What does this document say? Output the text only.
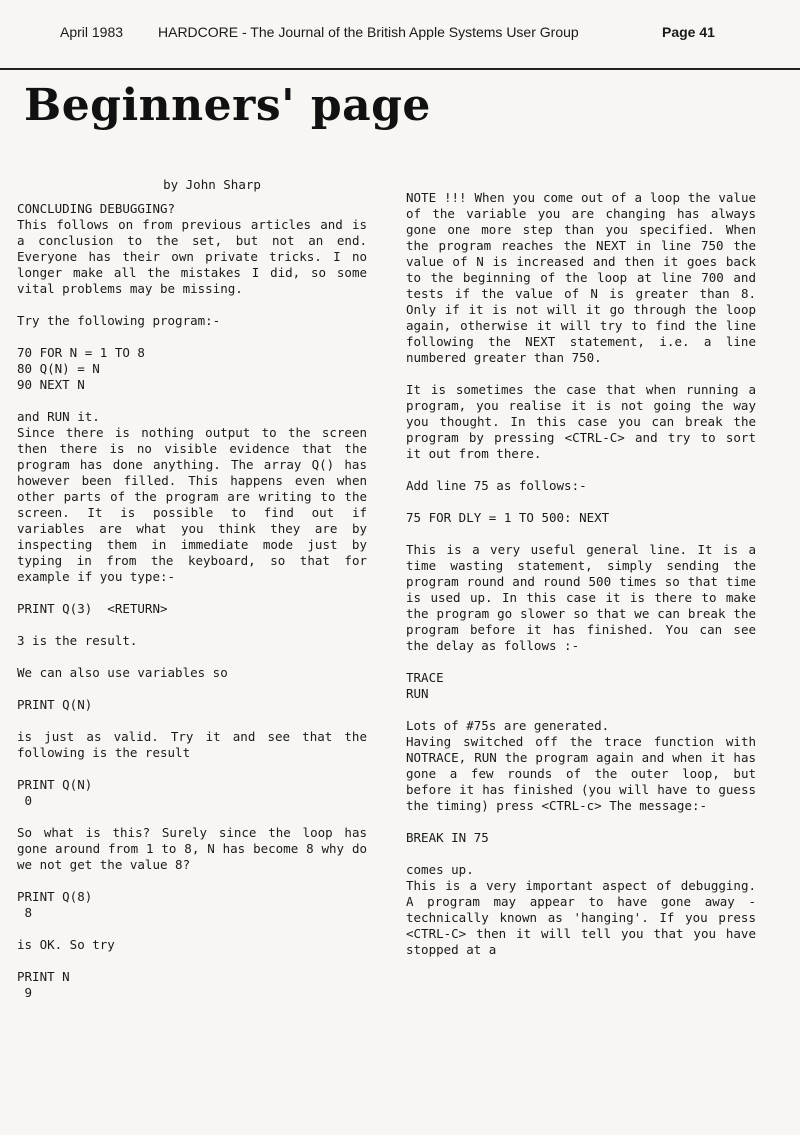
April 1983 HARDCORE - The Journal of the British Apple Systems User Group	Page 41
Beginners' page
by John Sharp
CONCLUDING DEBUGGING?

This follows on from previous articles and is a conclusion to the set, but not an end. Everyone has their own private tricks. I no longer make all the mistakes I did, so some vital problems may be missing.

Try the following program:-

70 FOR N = 1 TO 8
80 Q(N) = N
90 NEXT N

and RUN it.

Since there is nothing output to the screen then there is no visible evidence that the program has done anything. The array Q() has however been filled. This happens even when other parts of the program are writing to the screen. It is possible to find out if variables are what you think they are by inspecting them in immediate mode just by typing in from the keyboard, so that for example if you type:-

PRINT Q(3)  <RETURN>

3 is the result.

We can also use variables so

PRINT Q(N)

is just as valid. Try it and see that the following is the result

PRINT Q(N)
0

So what is this? Surely since the loop has gone around from 1 to 8, N has become 8 why do we not get the value 8?

PRINT Q(8)
8

is OK. So try

PRINT N
9

NOTE !!! When you come out of a loop the value of the variable you are changing has always gone one more step than you specified. When the program reaches the NEXT in line 750 the value of N is increased and then it goes back to the beginning of the loop at line 700 and tests if the value of N is greater than 8. Only if it is not will it go through the loop again, otherwise it will try to find the line following the NEXT statement, i.e. a line numbered greater than 750.

It is sometimes the case that when running a program, you realise it is not going the way you thought. In this case you can break the program by pressing <CTRL-C> and try to sort it out from there.

Add line 75 as follows:-

75 FOR DLY = 1 TO 500: NEXT

This is a very useful general line. It is a time wasting statement, simply sending the program round and round 500 times so that time is used up. In this case it is there to make the program go slower so that we can break the program before it has finished. You can see the delay as follows :-

TRACE
RUN

Lots of #75s are generated.

Having switched off the trace function with NOTRACE, RUN the program again and when it has gone a few rounds of the outer loop, but before it has finished (you will have to guess the timing) press <CTRL-c> The message:-

BREAK IN 75

comes up.

This is a very important aspect of debugging. A program may appear to have gone away - technically known as 'hanging'. If you press <CTRL-C> then it will tell you that you have stopped at a
